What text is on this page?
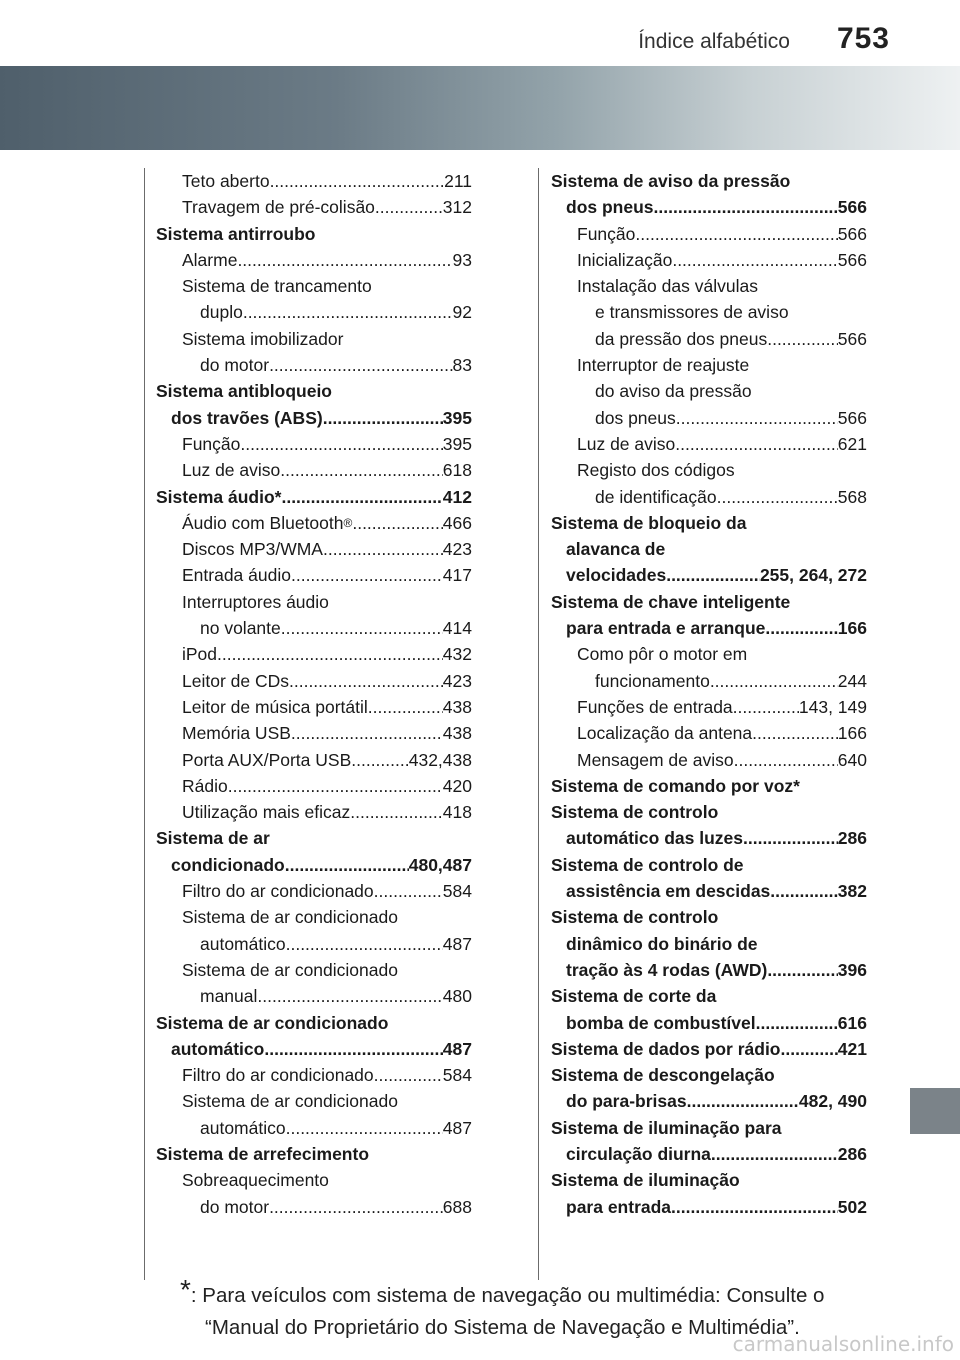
Índice alfabético 753
Teto aberto .....	211
Travagem de pré-colisão .....	312
Sistema antirroubo
Alarme .....	93
Sistema de trancamento
duplo .....	92
Sistema imobilizador
do motor .....	83
Sistema antibloqueio
dos travões (ABS) .....	395
Função .....	395
Luz de aviso .....	618
Sistema áudio* .....	412
Áudio com Bluetooth ® .....	466
Discos MP3/WMA .....	423
Entrada áudio .....	417
Interruptores áudio
no volante .....	414
iPod .....	432
Leitor de CDs .....	423
Leitor de música portátil .....	438
Memória USB .....	438
Porta AUX/Porta USB .....	432,438
Rádio .....	420
Utilização mais eficaz .....	418
Sistema de ar
condicionado .....	480,487
Filtro do ar condicionado .....	584
Sistema de ar condicionado
automático .....	487
Sistema de ar condicionado
manual .....	480
Sistema de ar condicionado
automático .....	487
Filtro do ar condicionado .....	584
Sistema de ar condicionado
automático .....	487
Sistema de arrefecimento
Sobreaquecimento
do motor .....	688
Sistema de aviso da pressão
dos pneus .....	566
Função .....	566
Inicialização .....	566
Instalação das válvulas
e transmissores de aviso
da pressão dos pneus .....	566
Interruptor de reajuste
do aviso da pressão
dos pneus .....	566
Luz de aviso .....	621
Registo dos códigos
de identificação .....	568
Sistema de bloqueio da
alavanca de
velocidades .....	255, 264, 272
Sistema de chave inteligente
para entrada e arranque .....	166
Como pôr o motor em
funcionamento .....	244
Funções de entrada .....	143, 149
Localização da antena .....	166
Mensagem de aviso .....	640
Sistema de comando por voz*
Sistema de controlo
automático das luzes .....	286
Sistema de controlo de
assistência em descidas .....	382
Sistema de controlo
dinâmico do binário de
tração às 4 rodas (AWD) .....	396
Sistema de corte da
bomba de combustível .....	616
Sistema de dados por rádio .....	421
Sistema de descongelação
do para-brisas .....	482, 490
Sistema de iluminação para
circulação diurna .....	286
Sistema de iluminação
para entrada .....	502
*: Para veículos com sistema de navegação ou multimédia: Consulte o
“Manual do Proprietário do Sistema de Navegação e Multimédia”.
carmanualsonline.info
